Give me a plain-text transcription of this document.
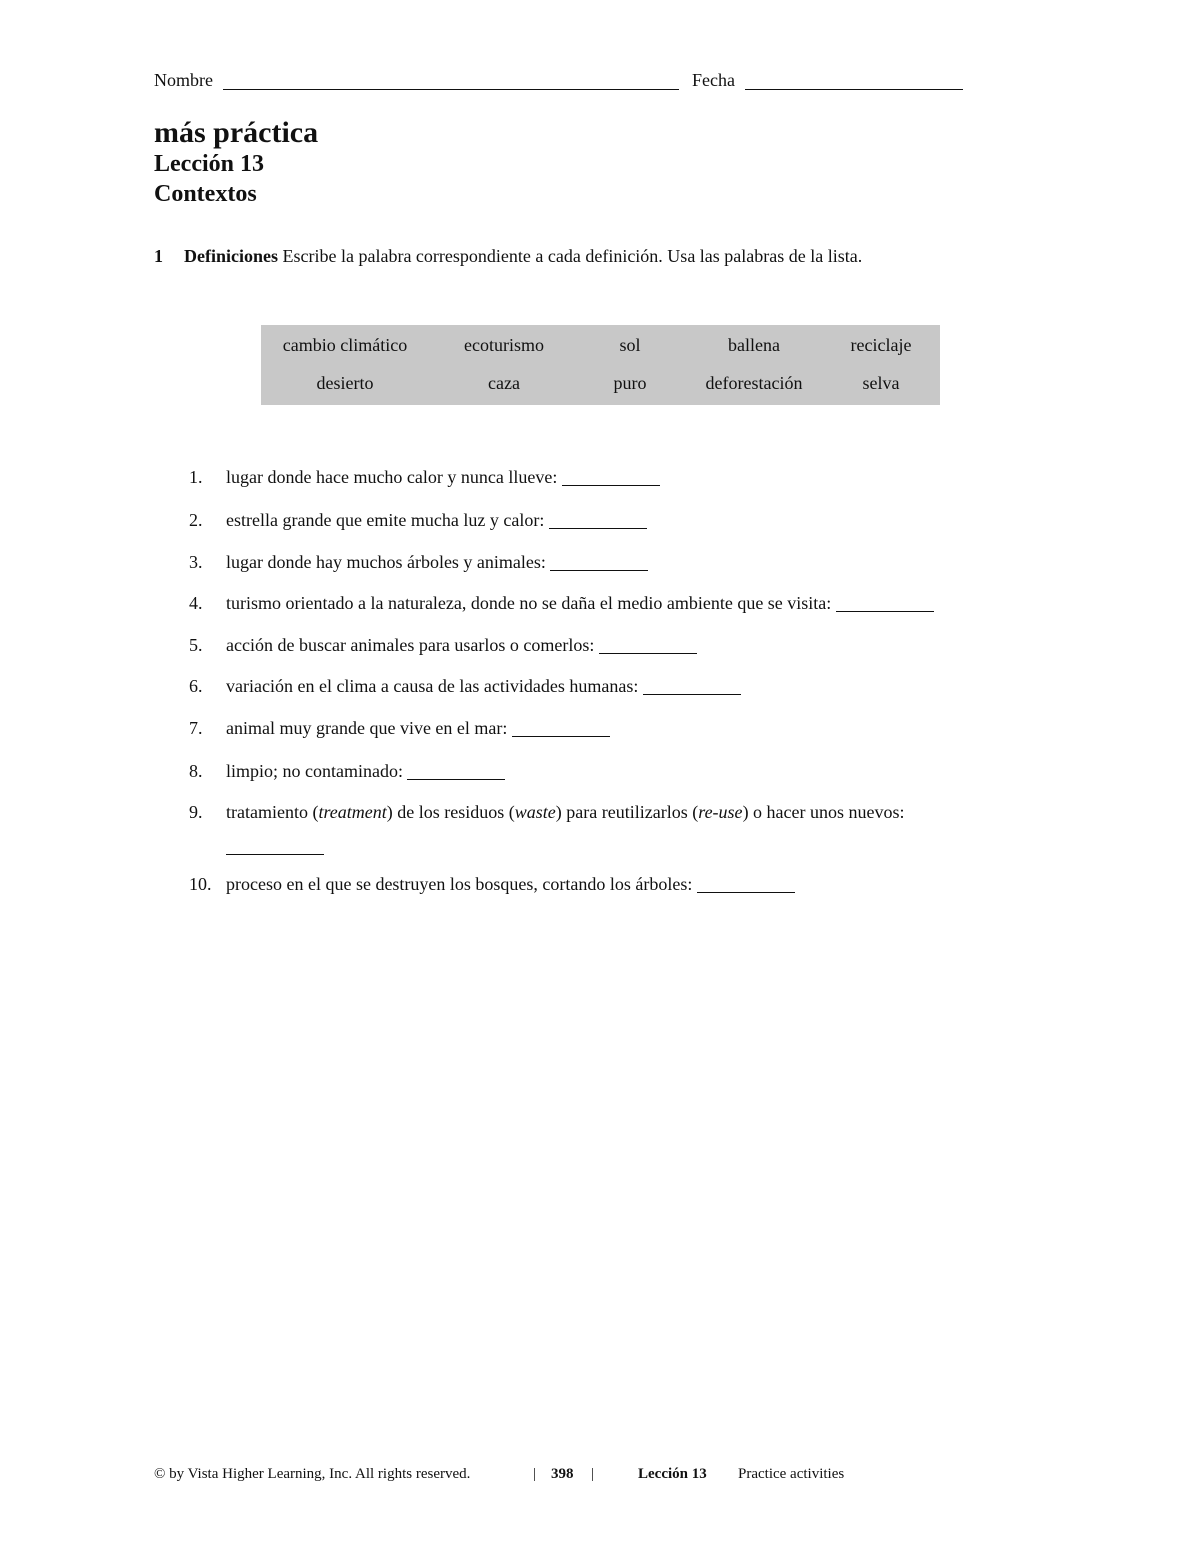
Nombre	Fecha
más práctica
Lección 13
Contextos
1 Definiciones Escribe la palabra correspondiente a cada definición. Usa las palabras de la lista.
cambio climático	ecoturismo	sol	ballena	reciclaje
desierto	caza	puro	deforestación	selva
1. lugar donde hace mucho calor y nunca llueve:
2. estrella grande que emite mucha luz y calor:
3. lugar donde hay muchos árboles y animales:
4. turismo orientado a la naturaleza, donde no se daña el medio ambiente que se visita:
5. acción de buscar animales para usarlos o comerlos:
6. variación en el clima a causa de las actividades humanas:
7. animal muy grande que vive en el mar:
8. limpio; no contaminado:
9. tratamiento (treatment) de los residuos (waste) para reutilizarlos (re-use) o hacer unos nuevos:
10. proceso en el que se destruyen los bosques, cortando los árboles:
© by Vista Higher Learning, Inc. All rights reserved.	| 398 |	Lección 13 Practice activities
